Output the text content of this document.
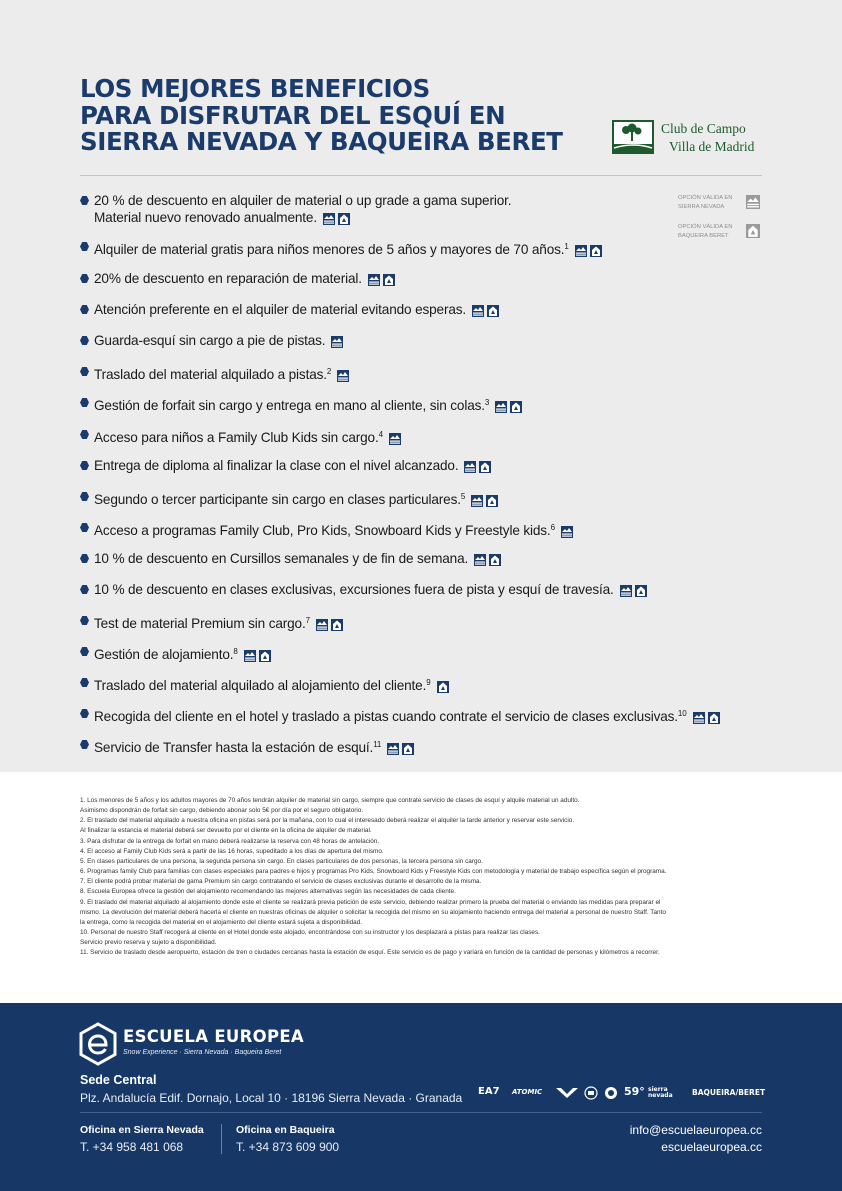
LOS MEJORES BENEFICIOS
PARA DISFRUTAR DEL ESQUÍ EN
SIERRA NEVADA Y BAQUEIRA BERET	Club de Campo
Villa de Madrid
OPCIÓN VÁLIDA EN SIERRA NEVADA
OPCIÓN VÁLIDA EN BAQUEIRA BERET
20 % de descuento en alquiler de material o up grade a gama superior.
Material nuevo renovado anualmente.
Alquiler de material gratis para niños menores de 5 años y mayores de 70 años.$^1$
20% de descuento en reparación de material.
Atención preferente en el alquiler de material evitando esperas.
Guarda-esquí sin cargo a pie de pistas.
Traslado del material alquilado a pistas.$^2$
Gestión de forfait sin cargo y entrega en mano al cliente, sin colas.$^3$
Acceso para niños a Family Club Kids sin cargo.$^4$
Entrega de diploma al finalizar la clase con el nivel alcanzado.
Segundo o tercer participante sin cargo en clases particulares.$^5$
Acceso a programas Family Club, Pro Kids, Snowboard Kids y Freestyle kids.$^6$
10 % de descuento en Cursillos semanales y de fin de semana.
10 % de descuento en clases exclusivas, excursiones fuera de pista y esquí de travesía.
Test de material Premium sin cargo.$^7$
Gestión de alojamiento.$^8$
Traslado del material alquilado al alojamiento del cliente.$^9$
Recogida del cliente en el hotel y traslado a pistas cuando contrate el servicio de clases exclusivas.$^{10}$
Servicio de Transfer hasta la estación de esquí.$^{11}$
1. Los menores de 5 años y los adultos mayores de 70 años tendrán alquiler de material sin cargo, siempre que contrate servicio de clases de esquí y alquile material un adulto.
Asimismo dispondrán de forfait sin cargo, debiendo abonar solo 5€ por día por el seguro obligatorio.
2. El traslado del material alquilado a nuestra oficina en pistas será por la mañana, con lo cual el interesado deberá realizar el alquiler la tarde anterior y reservar este servicio.
Al finalizar la estancia el material deberá ser devuelto por el cliente en la oficina de alquiler de material.
3. Para disfrutar de la entrega de forfait en mano deberá realizarse la reserva con 48 horas de antelación.
4. El acceso al Family Club Kids será a partir de las 16 horas, supeditado a los días de apertura del mismo.
5. En clases particulares de una persona, la segunda persona sin cargo. En clases particulares de dos personas, la tercera persona sin cargo.
6. Programas family Club para familias con clases especiales para padres e hijos y programas Pro Kids, Snowboard Kids y Freestyle Kids con metodología y material de trabajo específica según el programa.
7. El cliente podrá probar material de gama Premium sin cargo contratando el servicio de clases exclusivas durante el desarrollo de la misma.
8. Escuela Europea ofrece la gestión del alojamiento recomendando las mejores alternativas según las necesidades de cada cliente.
9. El traslado del material alquilado al alojamiento donde este el cliente se realizará previa petición de este servicio, debiendo realizar primero la prueba del material o enviando las medidas para preparar el
mismo. La devolución del material deberá hacerla el cliente en nuestras oficinas de alquiler o solicitar la recogida del mismo en su alojamiento haciendo entrega del material a personal de nuestro Staff. Tanto
la entrega, como la recogida del material en el alojamiento del cliente estará sujeta a disponibilidad.
10. Personal de nuestro Staff recogerá al cliente en el Hotel donde este alojado, encontrándose con su instructor y los desplazará a pistas para realizar las clases.
Servicio previo reserva y sujeto a disponibilidad.
11. Servicio de traslado desde aeropuerto, estación de tren o ciudades cercanas hasta la estación de esquí. Este servicio es de pago y variará en función de la cantidad de personas y kilómetros a recorrer.
ESCUELA EUROPEA
Snow Experience · Sierra Nevada · Baqueira Beret
Sede Central
Plz. Andalucía Edif. Dornajo, Local 10 · 18196 Sierra Nevada · Granada EA7 ATOMIC	59° sierra nevada	BAQUEIRA/BERET
Oficina en Sierra Nevada
T. +34 958 481 068
Oficina en Baqueira
T. +34 873 609 900
info@escuelaeuropea.cc
escuelaeuropea.cc
